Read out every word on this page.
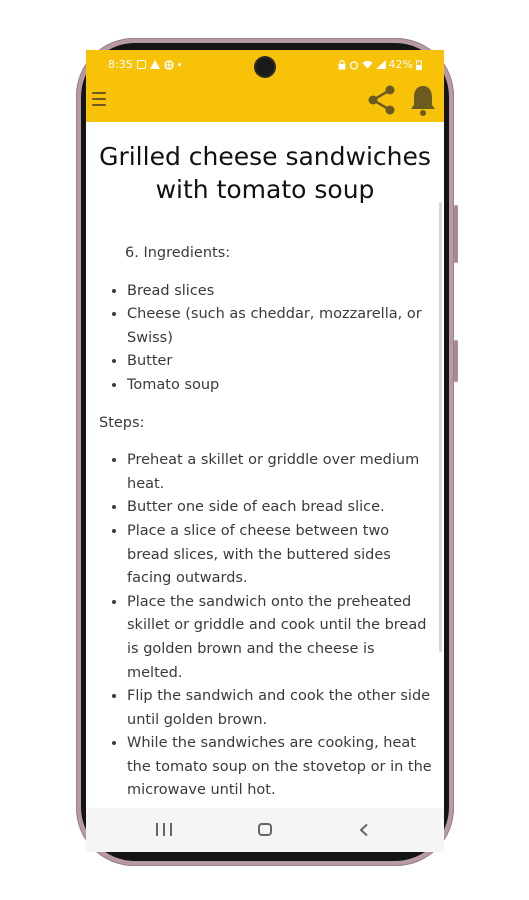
8:35	42%
Grilled cheese sandwiches with tomato soup
6. Ingredients:
• Bread slices
• Cheese (such as cheddar, mozzarella, or Swiss)
• Butter
• Tomato soup

Steps:

• Preheat a skillet or griddle over medium heat.
• Butter one side of each bread slice.
• Place a slice of cheese between two bread slices, with the buttered sides facing outwards.
• Place the sandwich onto the preheated skillet or griddle and cook until the bread is golden brown and the cheese is melted.
• Flip the sandwich and cook the other side until golden brown.
• While the sandwiches are cooking, heat the tomato soup on the stovetop or in the microwave until hot.
